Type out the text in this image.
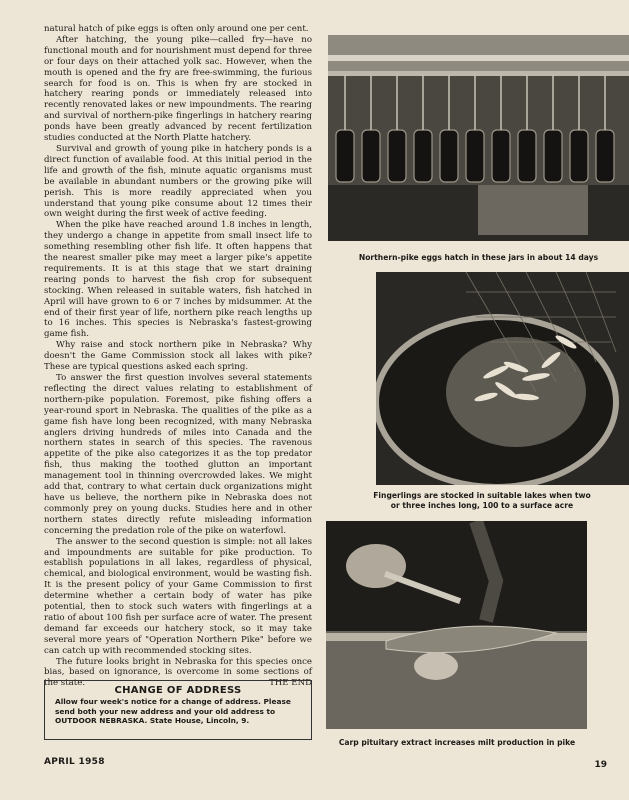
natural hatch of pike eggs is often only around one per cent.

After hatching, the young pike—called fry—have no functional mouth and for nourishment must depend for three or four days on their attached yolk sac. However, when the mouth is opened and the fry are free-swimming, the furious search for food is on. This is when fry are stocked in hatchery rearing ponds or immediately released into recently renovated lakes or new impoundments. The rearing and survival of northern-pike fingerlings in hatchery rearing ponds have been greatly advanced by recent fertilization studies conducted at the North Platte hatchery.

Survival and growth of young pike in hatchery ponds is a direct function of available food. At this initial period in the life and growth of the fish, minute aquatic organisms must be available in abundant numbers or the growing pike will perish. This is more readily appreciated when you understand that young pike consume about 12 times their own weight during the first week of active feeding.

When the pike have reached around 1.8 inches in length, they undergo a change in appetite from small insect life to something resembling other fish life. It often happens that the nearest smaller pike may meet a larger pike's appetite requirements. It is at this stage that we start draining rearing ponds to harvest the fish crop for subsequent stocking. When released in suitable waters, fish hatched in April will have grown to 6 or 7 inches by midsummer. At the end of their first year of life, northern pike reach lengths up to 16 inches. This species is Nebraska's fastest-growing game fish.

Why raise and stock northern pike in Nebraska? Why doesn't the Game Commission stock all lakes with pike? These are typical questions asked each spring.

To answer the first question involves several statements reflecting the direct values relating to establishment of northern-pike population. Foremost, pike fishing offers a year-round sport in Nebraska. The qualities of the pike as a game fish have long been recognized, with many Nebraska anglers driving hundreds of miles into Canada and the northern states in search of this species. The ravenous appetite of the pike also categorizes it as the top predator fish, thus making the toothed glutton an important management tool in thinning overcrowded lakes. We might add that, contrary to what certain duck organizations might have us believe, the northern pike in Nebraska does not commonly prey on young ducks. Studies here and in other northern states directly refute misleading information concerning the predation role of the pike on waterfowl.

The answer to the second question is simple: not all lakes and impoundments are suitable for pike production. To establish populations in all lakes, regardless of physical, chemical, and biological environment, would be wasting fish. It is the present policy of your Game Commission to first determine whether a certain body of water has pike potential, then to stock such waters with fingerlings at a ratio of about 100 fish per surface acre of water. The present demand far exceeds our hatchery stock, so it may take several more years of "Operation Northern Pike" before we can catch up with recommended stocking sites.

The future looks bright in Nebraska for this species once bias, based on ignorance, is overcome in some sections of the state.	THE END

CHANGE OF ADDRESS

Allow four week's notice for a change of address. Please send both your new address and your old address to OUTDOOR NEBRASKA. State House, Lincoln, 9.

Northern-pike eggs hatch in these jars in about 14 days
Fingerlings are stocked in suitable lakes when two or three inches long, 100 to a surface acre
Carp pituitary extract increases milt production in pike
APRIL 1958	19
